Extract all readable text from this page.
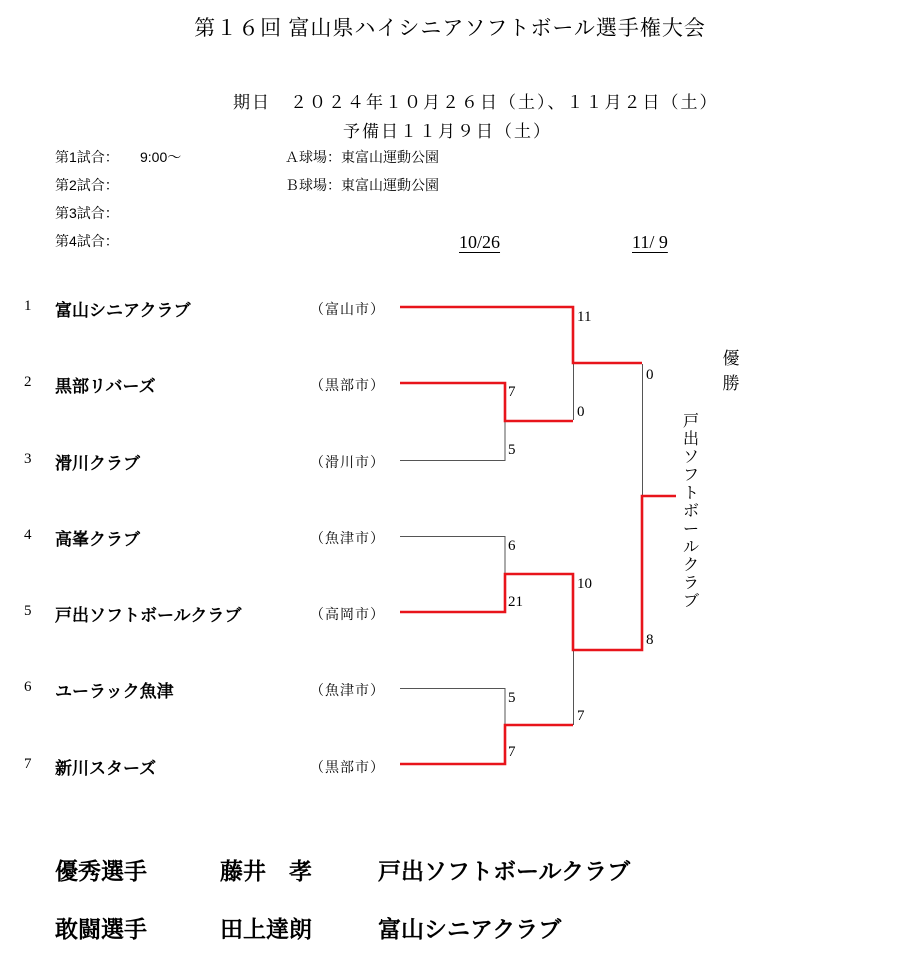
第１６回 富山県ハイシニアソフトボール選手権大会
期日　２０２４年１０月２６日（土）、１１月２日（土）
予備日１１月９日（土）
第1試合： 9:00～	Ａ球場：東富山運動公園
第2試合：	Ｂ球場：東富山運動公園
第3試合：
第4試合：	10/26	11/ 9
1 富山シニアクラブ	（富山市）
2 黒部リバーズ	（黒部市）
3 滑川クラブ	（滑川市）
4 高峯クラブ	（魚津市）
5 戸出ソフトボールクラブ	（高岡市）
6 ユーラック魚津	（魚津市）
7 新川スターズ	（黒部市）
7
5
6
21
5
7
11
0
10
7
0
8
優勝
戸出ソフトボールクラブ
優秀選手	藤井　孝	戸出ソフトボールクラブ
敢闘選手	田上達朗	富山シニアクラブ
